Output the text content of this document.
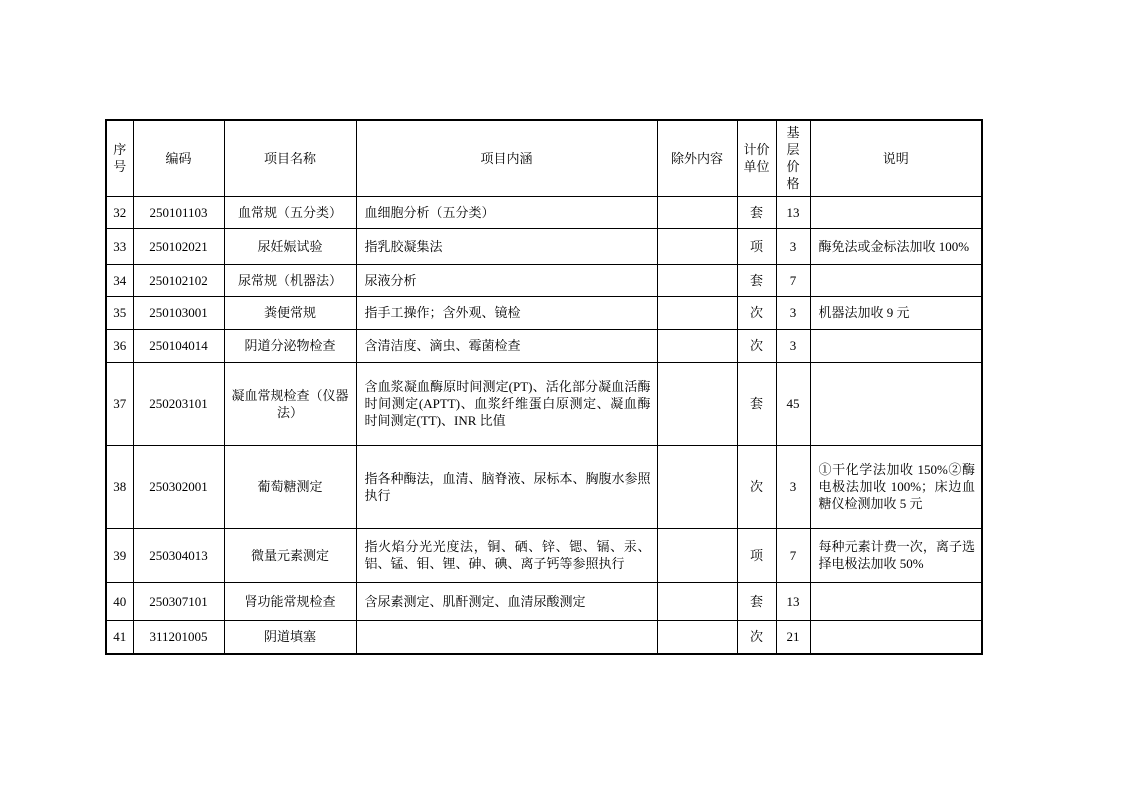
序号	编码	项目名称	项目内涵	除外内容	计价单位	基层价格	说明
32	250101103	血常规（五分类）	血细胞分析（五分类）		套	13	
33	250102021	尿妊娠试验	指乳胶凝集法		项	3	酶免法或金标法加收 100%
34	250102102	尿常规（机器法）	尿液分析		套	7	
35	250103001	粪便常规	指手工操作；含外观、镜检		次	3	机器法加收 9 元
36	250104014	阴道分泌物检查	含清洁度、滴虫、霉菌检查		次	3	
37	250203101	凝血常规检查（仪器法）	含血浆凝血酶原时间测定(PT)、活化部分凝血活酶时间测定(APTT)、血浆纤维蛋白原测定、凝血酶时间测定(TT)、INR 比值		套	45	
38	250302001	葡萄糖测定	指各种酶法，血清、脑脊液、尿标本、胸腹水参照执行		次	3	①干化学法加收 150%②酶电极法加收 100%；床边血糖仪检测加收 5 元
39	250304013	微量元素测定	指火焰分光光度法，铜、硒、锌、锶、镉、汞、铝、锰、钼、锂、砷、碘、离子钙等参照执行		项	7	每种元素计费一次，离子选择电极法加收 50%
40	250307101	肾功能常规检查	含尿素测定、肌酐测定、血清尿酸测定		套	13	
41	311201005	阴道填塞			次	21	
